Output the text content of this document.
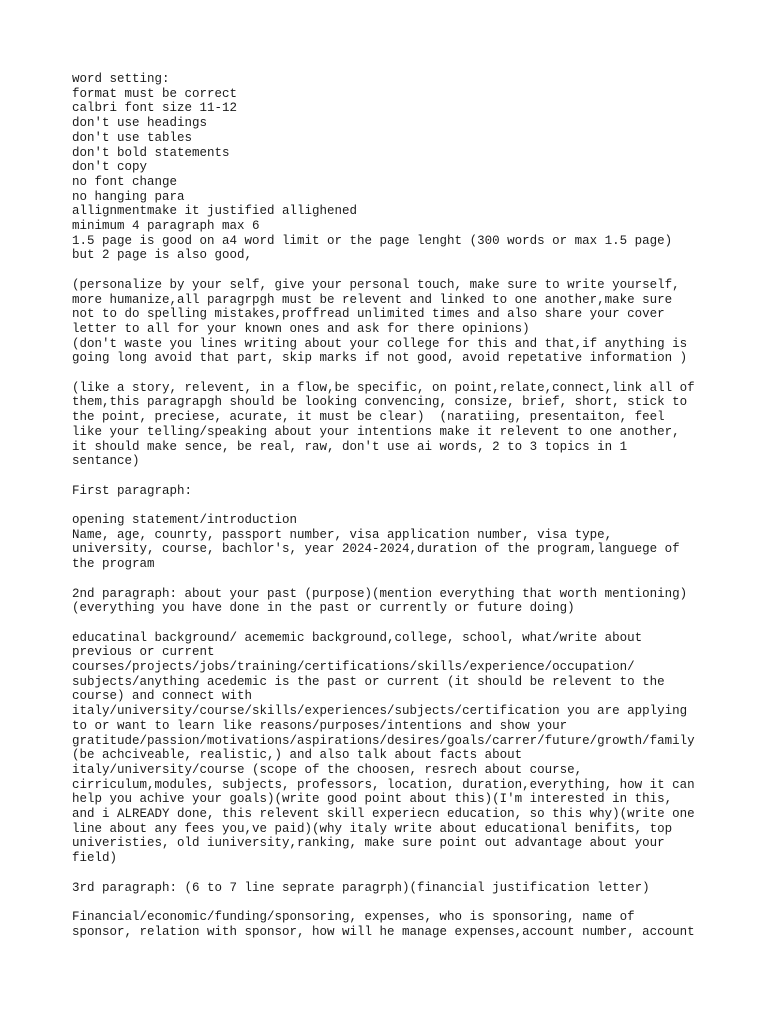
word setting:
format must be correct
calbri font size 11-12
don't use headings
don't use tables
don't bold statements
don't copy
no font change
no hanging para
allignmentmake it justified allighened
minimum 4 paragraph max 6
1.5 page is good on a4 word limit or the page lenght (300 words or max 1.5 page)
but 2 page is also good,

(personalize by your self, give your personal touch, make sure to write yourself,
more humanize,all paragrpgh must be relevent and linked to one another,make sure
not to do spelling mistakes,proffread unlimited times and also share your cover
letter to all for your known ones and ask for there opinions)
(don't waste you lines writing about your college for this and that,if anything is
going long avoid that part, skip marks if not good, avoid repetative information )

(like a story, relevent, in a flow,be specific, on point,relate,connect,link all of
them,this paragrapgh should be looking convencing, consize, brief, short, stick to
the point, preciese, acurate, it must be clear)  (naratiing, presentaiton, feel
like your telling/speaking about your intentions make it relevent to one another,
it should make sence, be real, raw, don't use ai words, 2 to 3 topics in 1
sentance)

First paragraph:

opening statement/introduction
Name, age, counrty, passport number, visa application number, visa type,
university, course, bachlor's, year 2024-2024,duration of the program,languege of
the program

2nd paragraph: about your past (purpose)(mention everything that worth mentioning)
(everything you have done in the past or currently or future doing)

educatinal background/ acememic background,college, school, what/write about
previous or current
courses/projects/jobs/training/certifications/skills/experience/occupation/
subjects/anything acedemic is the past or current (it should be relevent to the
course) and connect with
italy/university/course/skills/experiences/subjects/certification you are applying
to or want to learn like reasons/purposes/intentions and show your
gratitude/passion/motivations/aspirations/desires/goals/carrer/future/growth/family
(be achciveable, realistic,) and also talk about facts about
italy/university/course (scope of the choosen, resrech about course,
cirriculum,modules, subjects, professors, location, duration,everything, how it can
help you achive your goals)(write good point about this)(I'm interested in this,
and i ALREADY done, this relevent skill experiecn education, so this why)(write one
line about any fees you,ve paid)(why italy write about educational benifits, top
univeristies, old iuniversity,ranking, make sure point out advantage about your
field)

3rd paragraph: (6 to 7 line seprate paragrph)(financial justification letter)

Financial/economic/funding/sponsoring, expenses, who is sponsoring, name of
sponsor, relation with sponsor, how will he manage expenses,account number, account
